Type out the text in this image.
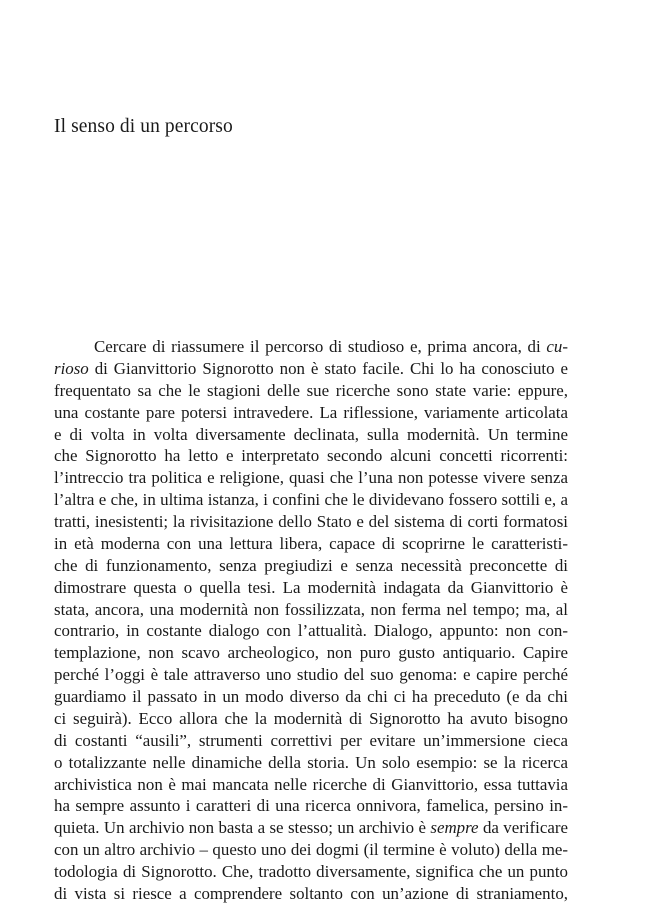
Il senso di un percorso
Cercare di riassumere il percorso di studioso e, prima ancora, di cu-
rioso di Gianvittorio Signorotto non è stato facile. Chi lo ha conosciuto e
frequentato sa che le stagioni delle sue ricerche sono state varie: eppure,
una costante pare potersi intravedere. La riflessione, variamente articolata
e di volta in volta diversamente declinata, sulla modernità. Un termine
che Signorotto ha letto e interpretato secondo alcuni concetti ricorrenti:
l’intreccio tra politica e religione, quasi che l’una non potesse vivere senza
l’altra e che, in ultima istanza, i confini che le dividevano fossero sottili e, a
tratti, inesistenti; la rivisitazione dello Stato e del sistema di corti formatosi
in età moderna con una lettura libera, capace di scoprirne le caratteristi-
che di funzionamento, senza pregiudizi e senza necessità preconcette di
dimostrare questa o quella tesi. La modernità indagata da Gianvittorio è
stata, ancora, una modernità non fossilizzata, non ferma nel tempo; ma, al
contrario, in costante dialogo con l’attualità. Dialogo, appunto: non con-
templazione, non scavo archeologico, non puro gusto antiquario. Capire
perché l’oggi è tale attraverso uno studio del suo genoma: e capire perché
guardiamo il passato in un modo diverso da chi ci ha preceduto (e da chi
ci seguirà). Ecco allora che la modernità di Signorotto ha avuto bisogno
di costanti “ausili”, strumenti correttivi per evitare un’immersione cieca
o totalizzante nelle dinamiche della storia. Un solo esempio: se la ricerca
archivistica non è mai mancata nelle ricerche di Gianvittorio, essa tuttavia
ha sempre assunto i caratteri di una ricerca onnivora, famelica, persino in-
quieta. Un archivio non basta a se stesso; un archivio è sempre da verificare
con un altro archivio – questo uno dei dogmi (il termine è voluto) della me-
todologia di Signorotto. Che, tradotto diversamente, significa che un punto
di vista si riesce a comprendere soltanto con un’azione di straniamento,
